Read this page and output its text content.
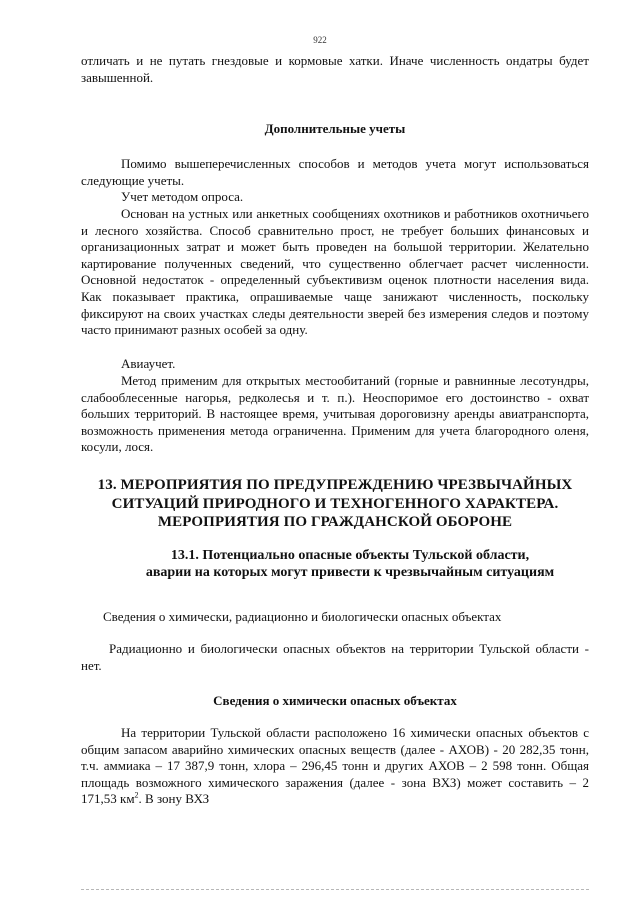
922
отличать и не путать гнездовые и кормовые хатки. Иначе численность ондатры будет завышенной.
Дополнительные учеты
Помимо вышеперечисленных способов и методов учета могут использоваться следующие учеты.
Учет методом опроса.
Основан на устных или анкетных сообщениях охотников и работников охотничьего и лесного хозяйства. Способ сравнительно прост, не требует больших финансовых и организационных затрат и может быть проведен на большой территории. Желательно картирование полученных сведений, что существенно облегчает расчет численности. Основной недостаток - определенный субъективизм оценок плотности населения вида. Как показывает практика, опрашиваемые чаще занижают численность, поскольку фиксируют на своих участках следы деятельности зверей без измерения следов и поэтому часто принимают разных особей за одну.
Авиаучет.
Метод применим для открытых местообитаний (горные и равнинные лесотундры, слабооблесенные нагорья, редколесья и т. п.). Неоспоримое его достоинство - охват больших территорий. В настоящее время, учитывая дороговизну аренды авиатранспорта, возможность применения метода ограниченна. Применим для учета благородного оленя, косули, лося.
13. МЕРОПРИЯТИЯ ПО ПРЕДУПРЕЖДЕНИЮ ЧРЕЗВЫЧАЙНЫХ
СИТУАЦИЙ ПРИРОДНОГО И ТЕХНОГЕННОГО ХАРАКТЕРА.
МЕРОПРИЯТИЯ ПО ГРАЖДАНСКОЙ ОБОРОНЕ
13.1. Потенциально опасные объекты Тульской области,
аварии на которых могут привести к чрезвычайным ситуациям
Сведения о химически, радиационно и биологически опасных объектах
Радиационно и биологически опасных объектов на территории Тульской области - нет.
Сведения о химически опасных объектах
На территории Тульской области расположено 16 химически опасных объектов с общим запасом аварийно химических опасных веществ (далее - АХОВ) - 20 282,35 тонн, т.ч. аммиака – 17 387,9 тонн, хлора – 296,45 тонн и других АХОВ – 2 598 тонн. Общая площадь возможного химического заражения (далее - зона ВХЗ) может составить – 2 171,53 $км^2$. В зону ВХЗ
